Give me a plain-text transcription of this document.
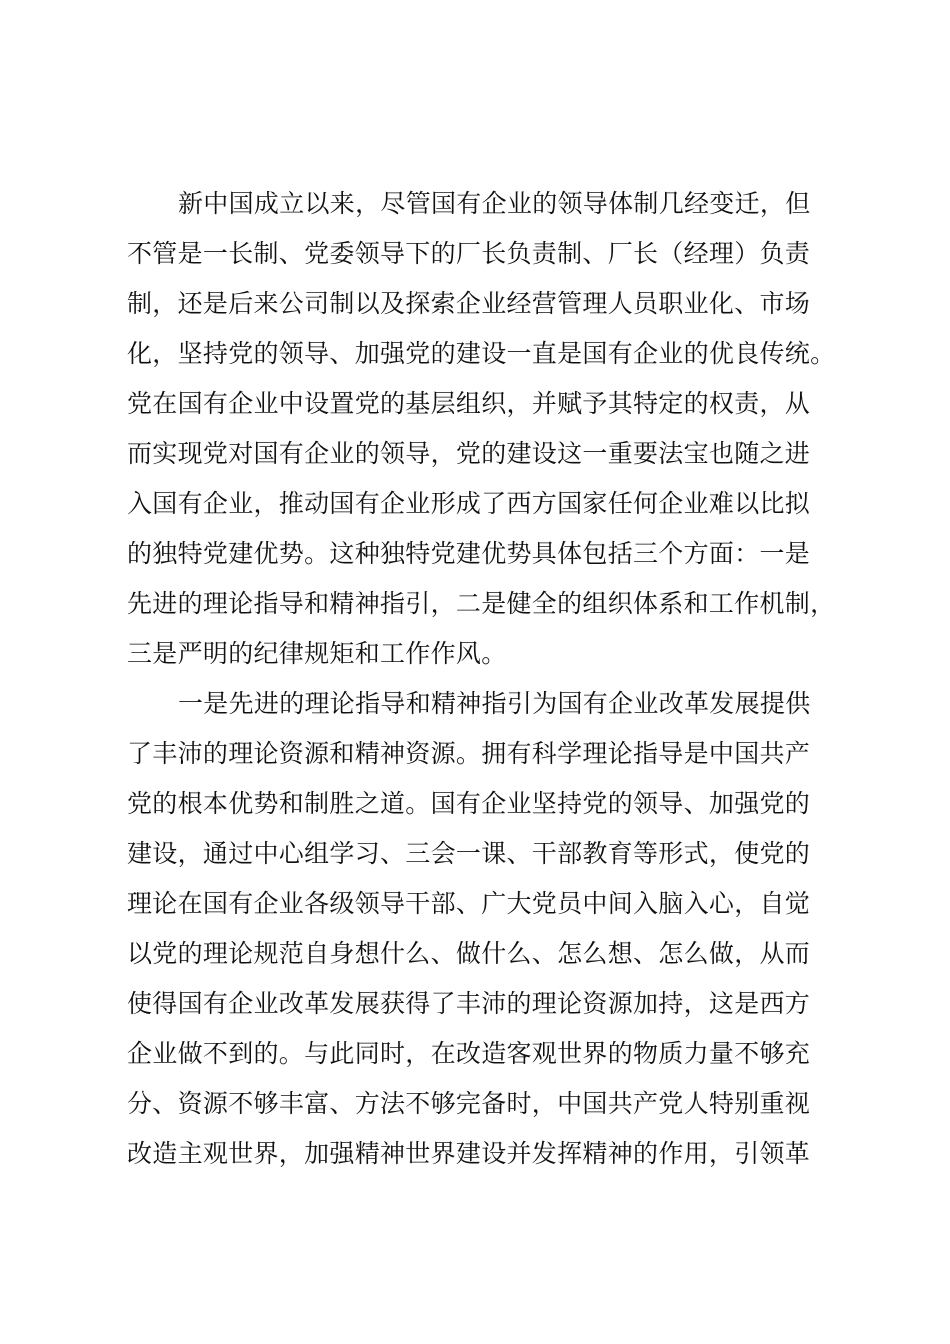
新中国成立以来，尽管国有企业的领导体制几经变迁，但

不管是一长制、党委领导下的厂长负责制、厂长（经理）负责

制，还是后来公司制以及探索企业经营管理人员职业化、市场

化，坚持党的领导、加强党的建设一直是国有企业的优良传统。

党在国有企业中设置党的基层组织，并赋予其特定的权责，从

而实现党对国有企业的领导，党的建设这一重要法宝也随之进

入国有企业，推动国有企业形成了西方国家任何企业难以比拟

的独特党建优势。这种独特党建优势具体包括三个方面：一是

先进的理论指导和精神指引，二是健全的组织体系和工作机制，

三是严明的纪律规矩和工作作风。

一是先进的理论指导和精神指引为国有企业改革发展提供

了丰沛的理论资源和精神资源。拥有科学理论指导是中国共产

党的根本优势和制胜之道。国有企业坚持党的领导、加强党的

建设，通过中心组学习、三会一课、干部教育等形式，使党的

理论在国有企业各级领导干部、广大党员中间入脑入心，自觉

以党的理论规范自身想什么、做什么、怎么想、怎么做，从而

使得国有企业改革发展获得了丰沛的理论资源加持，这是西方

企业做不到的。与此同时，在改造客观世界的物质力量不够充

分、资源不够丰富、方法不够完备时，中国共产党人特别重视

改造主观世界，加强精神世界建设并发挥精神的作用，引领革
